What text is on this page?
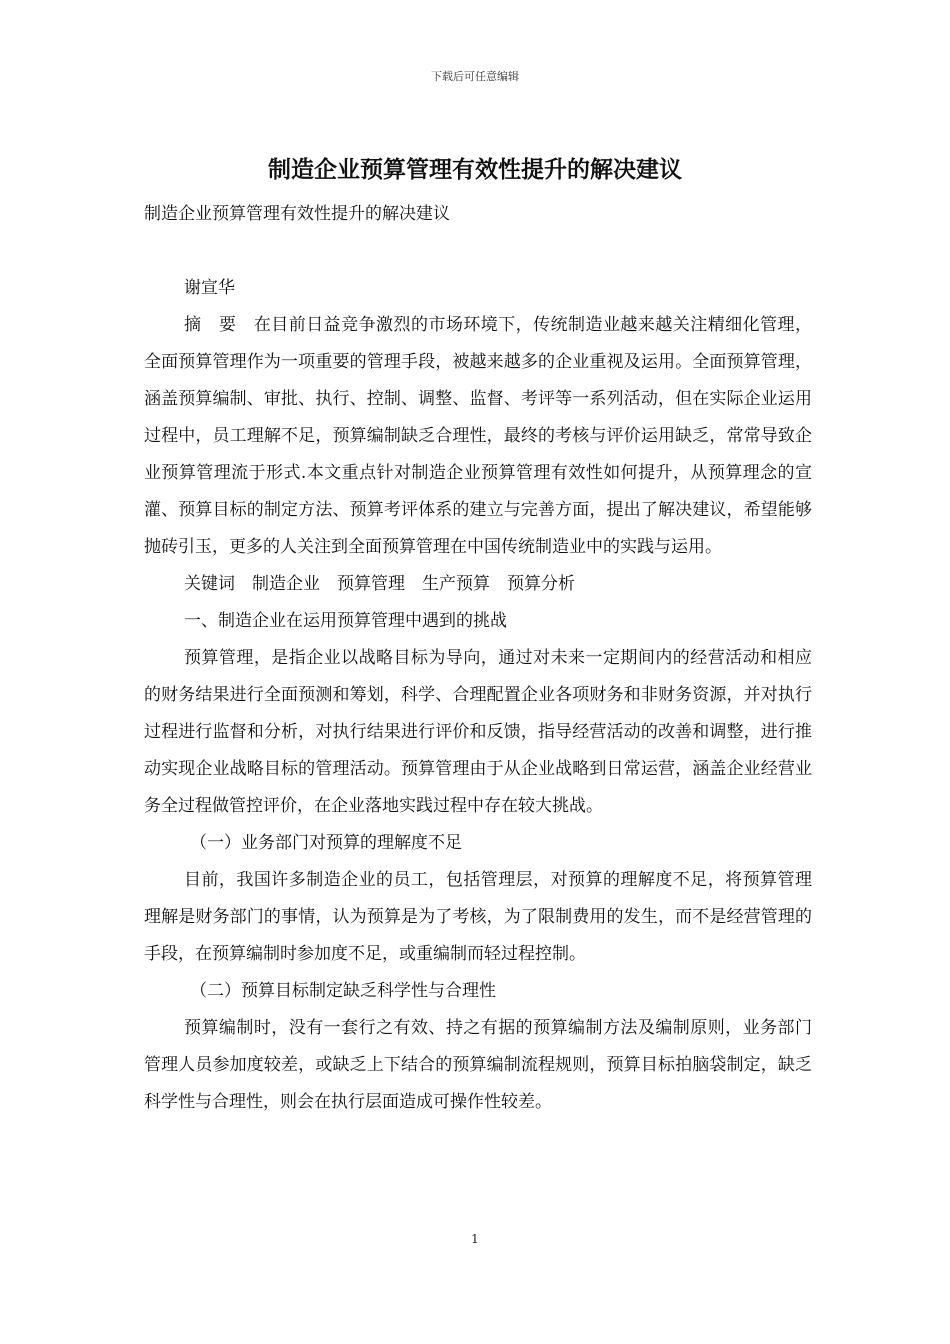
下载后可任意编辑
制造企业预算管理有效性提升的解决建议

制造企业预算管理有效性提升的解决建议

谢宣华

摘　要　在目前日益竞争激烈的市场环境下，传统制造业越来越关注精细化管理，全面预算管理作为一项重要的管理手段，被越来越多的企业重视及运用。全面预算管理，涵盖预算编制、审批、执行、控制、调整、监督、考评等一系列活动，但在实际企业运用过程中，员工理解不足，预算编制缺乏合理性，最终的考核与评价运用缺乏，常常导致企业预算管理流于形式.本文重点针对制造企业预算管理有效性如何提升，从预算理念的宣灌、预算目标的制定方法、预算考评体系的建立与完善方面，提出了解决建议，希望能够抛砖引玉，更多的人关注到全面预算管理在中国传统制造业中的实践与运用。

关键词　制造企业　预算管理　生产预算　预算分析

一、制造企业在运用预算管理中遇到的挑战

预算管理，是指企业以战略目标为导向，通过对未来一定期间内的经营活动和相应的财务结果进行全面预测和筹划，科学、合理配置企业各项财务和非财务资源，并对执行过程进行监督和分析，对执行结果进行评价和反馈，指导经营活动的改善和调整，进行推动实现企业战略目标的管理活动。预算管理由于从企业战略到日常运营，涵盖企业经营业务全过程做管控评价，在企业落地实践过程中存在较大挑战。

（一）业务部门对预算的理解度不足

目前，我国许多制造企业的员工，包括管理层，对预算的理解度不足，将预算管理理解是财务部门的事情，认为预算是为了考核，为了限制费用的发生，而不是经营管理的手段，在预算编制时参加度不足，或重编制而轻过程控制。

（二）预算目标制定缺乏科学性与合理性

预算编制时，没有一套行之有效、持之有据的预算编制方法及编制原则，业务部门管理人员参加度较差，或缺乏上下结合的预算编制流程规则，预算目标拍脑袋制定，缺乏科学性与合理性，则会在执行层面造成可操作性较差。

1
